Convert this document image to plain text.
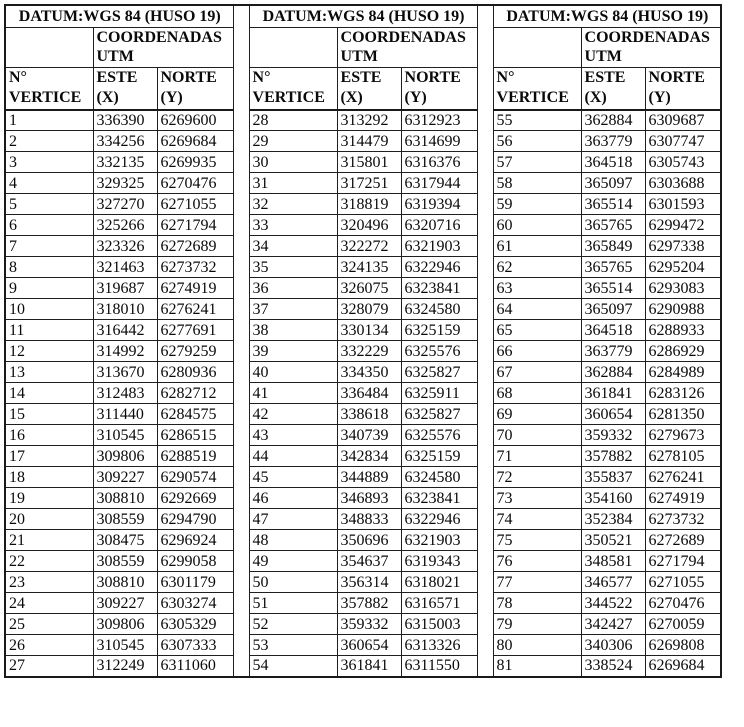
DATUM:WGS 84 (HUSO 19)				DATUM:WGS 84 (HUSO 19)				DATUM:WGS 84 (HUSO 19)		
	COORDENADAS UTM				COORDENADAS UTM				COORDENADAS UTM	
N° VERTICE	ESTE (X)	NORTE (Y)		N° VERTICE	ESTE (X)	NORTE (Y)		N° VERTICE	ESTE (X)	NORTE (Y)
1	336390	6269600		28	313292	6312923		55	362884	6309687
2	334256	6269684		29	314479	6314699		56	363779	6307747
3	332135	6269935		30	315801	6316376		57	364518	6305743
4	329325	6270476		31	317251	6317944		58	365097	6303688
5	327270	6271055		32	318819	6319394		59	365514	6301593
6	325266	6271794		33	320496	6320716		60	365765	6299472
7	323326	6272689		34	322272	6321903		61	365849	6297338
8	321463	6273732		35	324135	6322946		62	365765	6295204
9	319687	6274919		36	326075	6323841		63	365514	6293083
10	318010	6276241		37	328079	6324580		64	365097	6290988
11	316442	6277691		38	330134	6325159		65	364518	6288933
12	314992	6279259		39	332229	6325576		66	363779	6286929
13	313670	6280936		40	334350	6325827		67	362884	6284989
14	312483	6282712		41	336484	6325911		68	361841	6283126
15	311440	6284575		42	338618	6325827		69	360654	6281350
16	310545	6286515		43	340739	6325576		70	359332	6279673
17	309806	6288519		44	342834	6325159		71	357882	6278105
18	309227	6290574		45	344889	6324580		72	355837	6276241
19	308810	6292669		46	346893	6323841		73	354160	6274919
20	308559	6294790		47	348833	6322946		74	352384	6273732
21	308475	6296924		48	350696	6321903		75	350521	6272689
22	308559	6299058		49	354637	6319343		76	348581	6271794
23	308810	6301179		50	356314	6318021		77	346577	6271055
24	309227	6303274		51	357882	6316571		78	344522	6270476
25	309806	6305329		52	359332	6315003		79	342427	6270059
26	310545	6307333		53	360654	6313326		80	340306	6269808
27	312249	6311060		54	361841	6311550		81	338524	6269684
